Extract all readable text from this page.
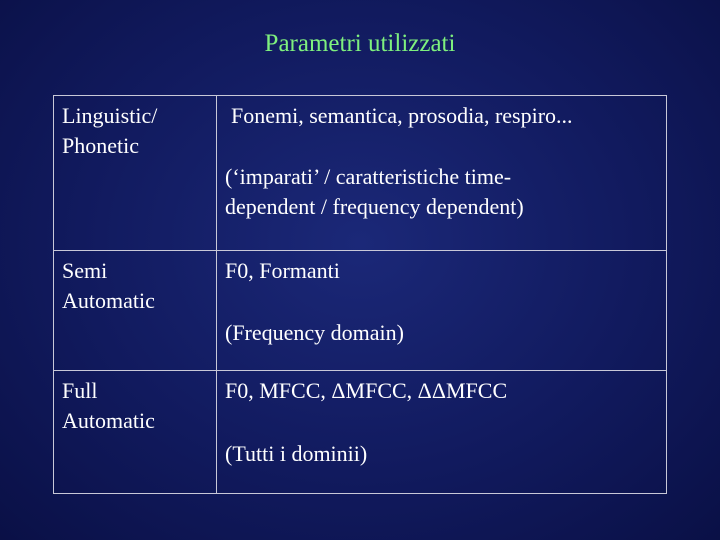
Parametri utilizzati
Linguistic/
Phonetic	Fonemi, semantica, prosodia, respiro...
(‘imparati’ / caratteristiche time-
dependent / frequency dependent)

Semi
Automatic	F0, Formanti
(Frequency domain)

Full
Automatic	F0, MFCC, ΔMFCC, ΔΔMFCC
(Tutti i dominii)
